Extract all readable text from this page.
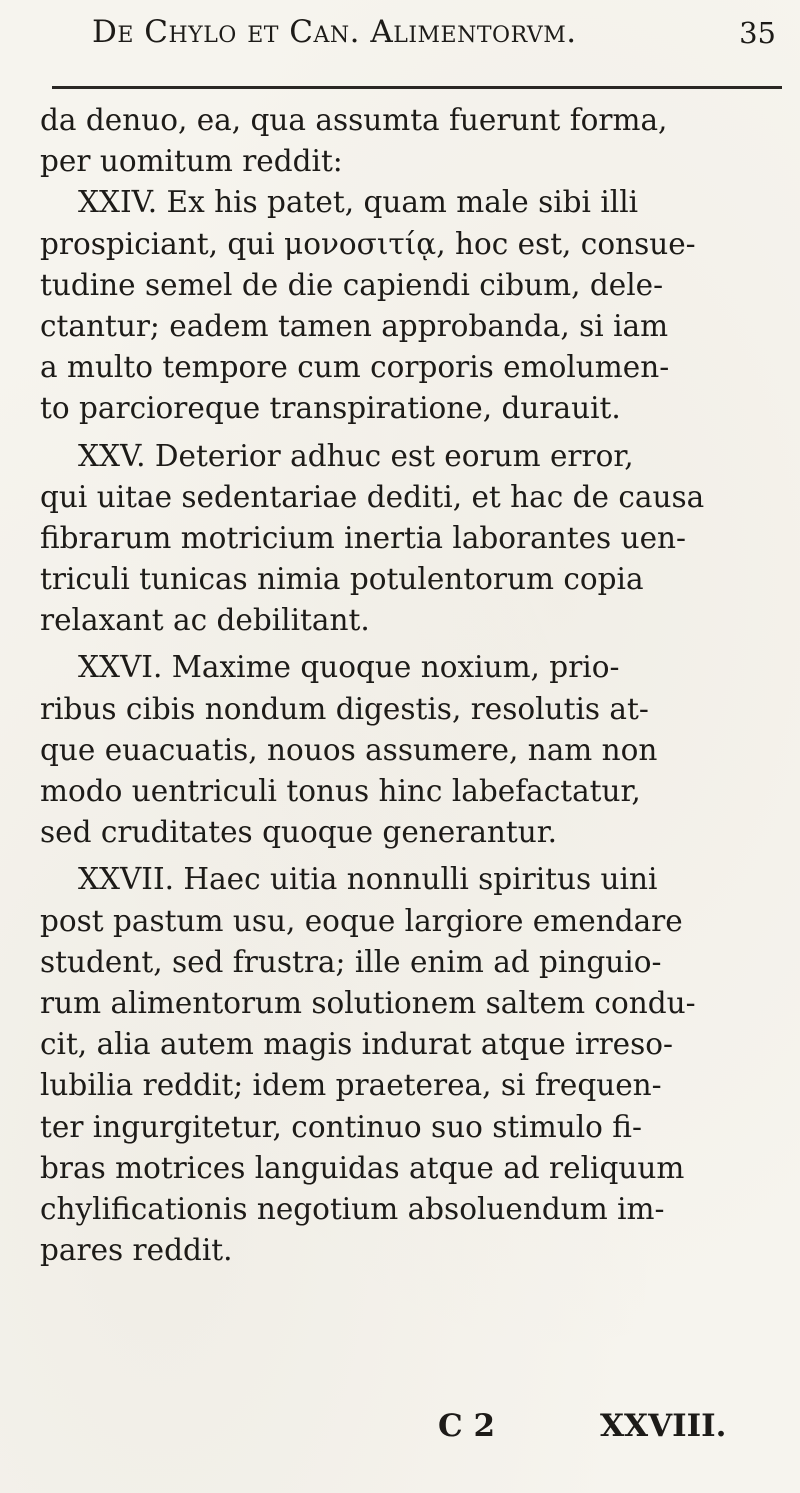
De Chylo et Can. Alimentorvm.	35
da denuo, ea, qua assumta fuerunt forma,
per uomitum reddit:
XXIV. Ex his patet, quam male sibi illi
prospiciant, qui μονοσιτίᾳ, hoc est, consue-
tudine semel de die capiendi cibum, dele-
ctantur; eadem tamen approbanda, si iam
a multo tempore cum corporis emolumen-
to parcioreque transpiratione, durauit.
XXV. Deterior adhuc est eorum error,
qui uitae sedentariae dediti, et hac de causa
fibrarum motricium inertia laborantes uen-
triculi tunicas nimia potulentorum copia
relaxant ac debilitant.
XXVI. Maxime quoque noxium, prio-
ribus cibis nondum digestis, resolutis at-
que euacuatis, nouos assumere, nam non
modo uentriculi tonus hinc labefactatur,
sed cruditates quoque generantur.
XXVII. Haec uitia nonnulli spiritus uini
post pastum usu, eoque largiore emendare
student, sed frustra; ille enim ad pinguio-
rum alimentorum solutionem saltem condu-
cit, alia autem magis indurat atque irreso-
lubilia reddit; idem praeterea, si frequen-
ter ingurgitetur, continuo suo stimulo fi-
bras motrices languidas atque ad reliquum
chylificationis negotium absoluendum im-
pares reddit.
C 2	XXVIII.
